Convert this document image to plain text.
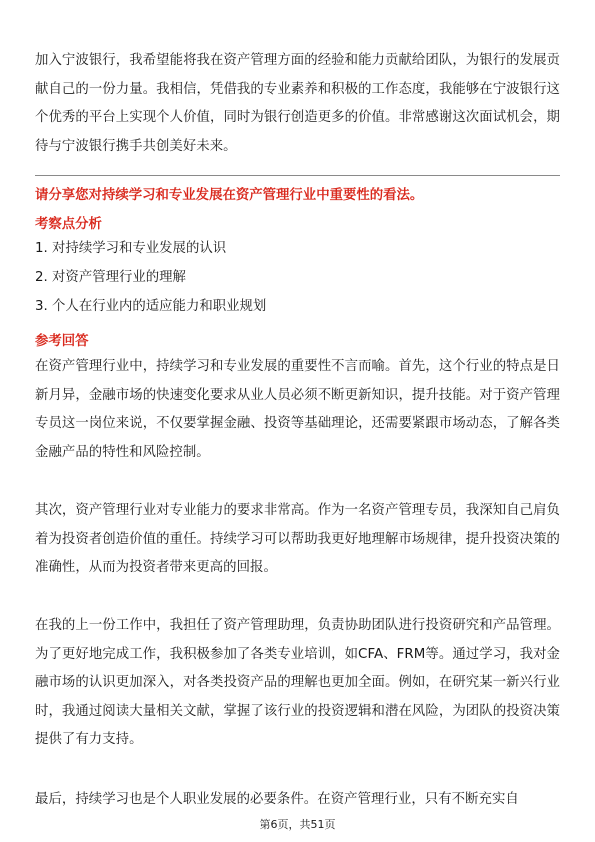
加入宁波银行，我希望能将我在资产管理方面的经验和能力贡献给团队，为银行的发展贡献自己的一份力量。我相信，凭借我的专业素养和积极的工作态度，我能够在宁波银行这个优秀的平台上实现个人价值，同时为银行创造更多的价值。非常感谢这次面试机会，期待与宁波银行携手共创美好未来。

请分享您对持续学习和专业发展在资产管理行业中重要性的看法。
考察点分析
1. 对持续学习和专业发展的认识
2. 对资产管理行业的理解
3. 个人在行业内的适应能力和职业规划
参考回答

在资产管理行业中，持续学习和专业发展的重要性不言而喻。首先，这个行业的特点是日新月异，金融市场的快速变化要求从业人员必须不断更新知识，提升技能。对于资产管理专员这一岗位来说，不仅要掌握金融、投资等基础理论，还需要紧跟市场动态，了解各类金融产品的特性和风险控制。

其次，资产管理行业对专业能力的要求非常高。作为一名资产管理专员，我深知自己肩负着为投资者创造价值的重任。持续学习可以帮助我更好地理解市场规律，提升投资决策的准确性，从而为投资者带来更高的回报。

在我的上一份工作中，我担任了资产管理助理，负责协助团队进行投资研究和产品管理。为了更好地完成工作，我积极参加了各类专业培训，如CFA、FRM等。通过学习，我对金融市场的认识更加深入，对各类投资产品的理解也更加全面。例如，在研究某一新兴行业时，我通过阅读大量相关文献，掌握了该行业的投资逻辑和潜在风险，为团队的投资决策提供了有力支持。

最后，持续学习也是个人职业发展的必要条件。在资产管理行业，只有不断充实自

第6页，共51页
